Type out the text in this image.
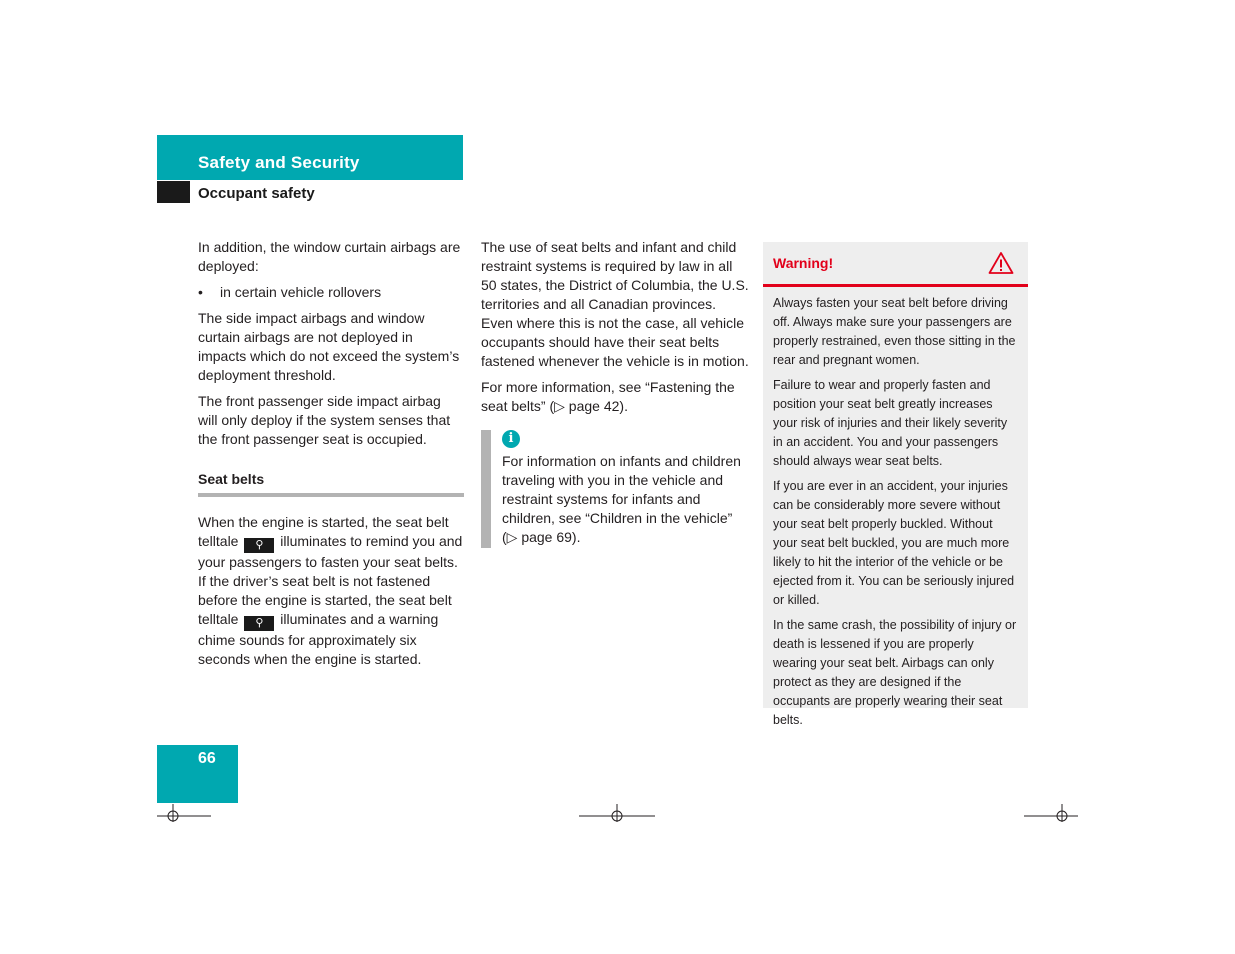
Safety and Security
Occupant safety

In addition, the window curtain airbags are deployed:

•	in certain vehicle rollovers

The side impact airbags and window curtain airbags are not deployed in impacts which do not exceed the system’s deployment threshold.

The front passenger side impact airbag will only deploy if the system senses that the front passenger seat is occupied.

Seat belts

When the engine is started, the seat belt telltale ⚲ illuminates to remind you and your passengers to fasten your seat belts. If the driver’s seat belt is not fastened before the engine is started, the seat belt telltale ⚲ illuminates and a warning chime sounds for approximately six seconds when the engine is started.

The use of seat belts and infant and child restraint systems is required by law in all 50 states, the District of Columbia, the U.S. territories and all Canadian provinces. Even where this is not the case, all vehicle occupants should have their seat belts fastened whenever the vehicle is in motion.

For more information, see “Fastening the seat belts” (▷ page 42).

i
For information on infants and children traveling with you in the vehicle and restraint systems for infants and children, see “Children in the vehicle” (▷ page 69).
Warning!

Always fasten your seat belt before driving off. Always make sure your passengers are properly restrained, even those sitting in the rear and pregnant women.

Failure to wear and properly fasten and position your seat belt greatly increases your risk of injuries and their likely severity in an accident. You and your passengers should always wear seat belts.

If you are ever in an accident, your injuries can be considerably more severe without your seat belt properly buckled. Without your seat belt buckled, you are much more likely to hit the interior of the vehicle or be ejected from it. You can be seriously injured or killed.

In the same crash, the possibility of injury or death is lessened if you are properly wearing your seat belt. Airbags can only protect as they are designed if the occupants are properly wearing their seat belts.

66
